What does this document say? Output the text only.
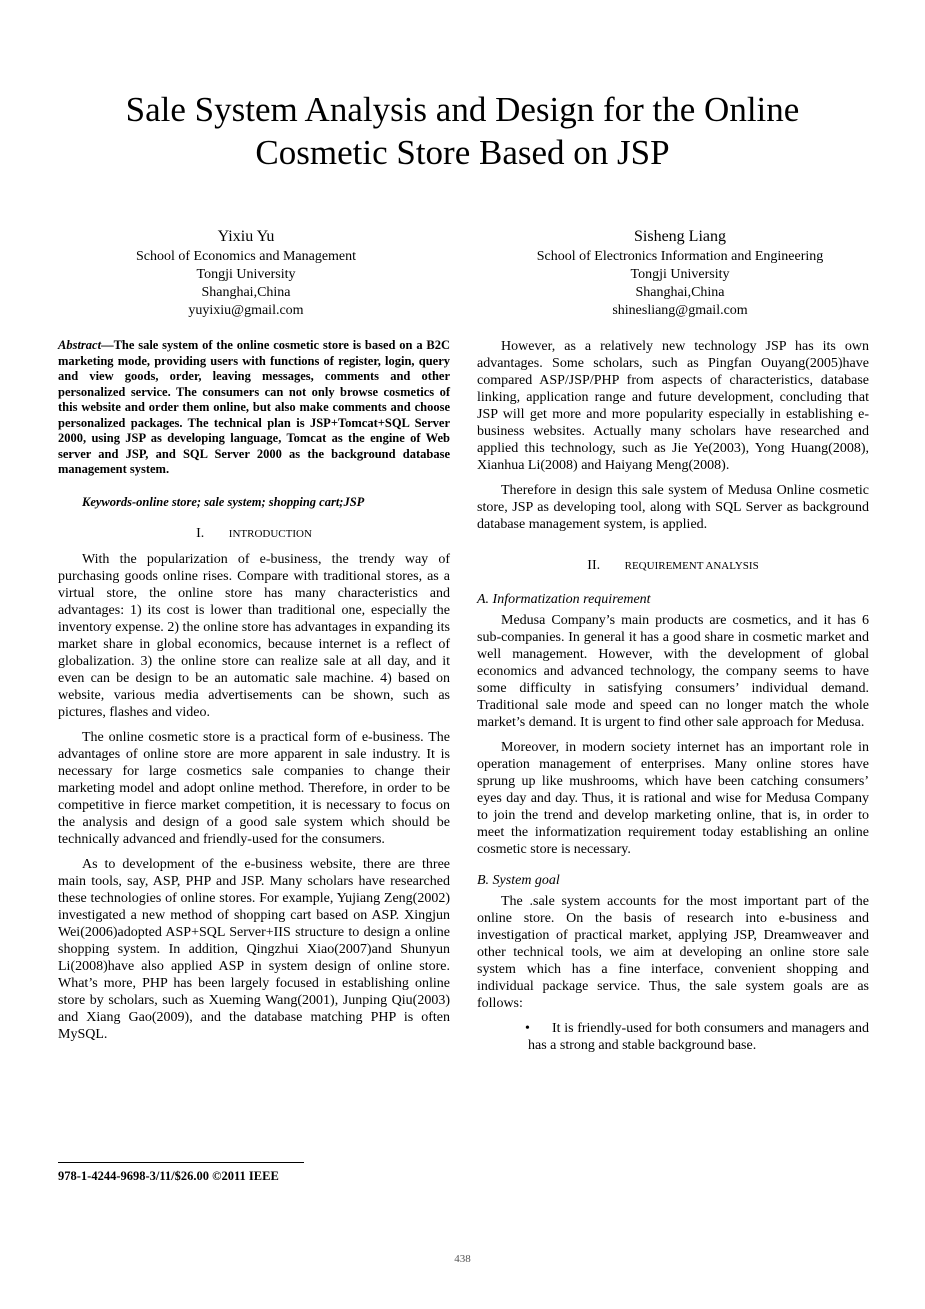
Sale System Analysis and Design for the Online
Cosmetic Store Based on JSP
Yixiu Yu
School of Economics and Management
Tongji University
Shanghai,China
yuyixiu@gmail.com
Sisheng Liang
School of Electronics Information and Engineering
Tongji University
Shanghai,China
shinesliang@gmail.com

Abstract—The sale system of the online cosmetic store is based on a B2C marketing mode, providing users with functions of register, login, query and view goods, order, leaving messages, comments and other personalized service. The consumers can not only browse cosmetics of this website and order them online, but also make comments and choose personalized packages. The technical plan is JSP+Tomcat+SQL Server 2000, using JSP as developing language, Tomcat as the engine of Web server and JSP, and SQL Server 2000 as the background database management system.

Keywords-online store; sale system; shopping cart;JSP

I. INTRODUCTION

With the popularization of e-business, the trendy way of purchasing goods online rises. Compare with traditional stores, as a virtual store, the online store has many characteristics and advantages: 1) its cost is lower than traditional one, especially the inventory expense. 2) the online store has advantages in expanding its market share in global economics, because internet is a reflect of globalization. 3) the online store can realize sale at all day, and it even can be design to be an automatic sale machine. 4) based on website, various media advertisements can be shown, such as pictures, flashes and video.

The online cosmetic store is a practical form of e-business. The advantages of online store are more apparent in sale industry. It is necessary for large cosmetics sale companies to change their marketing model and adopt online method. Therefore, in order to be competitive in fierce market competition, it is necessary to focus on the analysis and design of a good sale system which should be technically advanced and friendly-used for the consumers.

As to development of the e-business website, there are three main tools, say, ASP, PHP and JSP. Many scholars have researched these technologies of online stores. For example, Yujiang Zeng(2002) investigated a new method of shopping cart based on ASP. Xingjun Wei(2006)adopted ASP+SQL Server+IIS structure to design a online shopping system. In addition, Qingzhui Xiao(2007)and Shunyun Li(2008)have also applied ASP in system design of online store. What’s more, PHP has been largely focused in establishing online store by scholars, such as Xueming Wang(2001), Junping Qiu(2003) and Xiang Gao(2009), and the database matching PHP is often MySQL.

However, as a relatively new technology JSP has its own advantages. Some scholars, such as Pingfan Ouyang(2005)have compared ASP/JSP/PHP from aspects of characteristics, database linking, application range and future development, concluding that JSP will get more and more popularity especially in establishing e-business websites. Actually many scholars have researched and applied this technology, such as Jie Ye(2003), Yong Huang(2008), Xianhua Li(2008) and Haiyang Meng(2008).

Therefore in design this sale system of Medusa Online cosmetic store, JSP as developing tool, along with SQL Server as background database management system, is applied.

II. REQUIREMENT ANALYSIS
A. Informatization requirement

Medusa Company’s main products are cosmetics, and it has 6 sub-companies. In general it has a good share in cosmetic market and well management. However, with the development of global economics and advanced technology, the company seems to have some difficulty in satisfying consumers’ individual demand. Traditional sale mode and speed can no longer match the whole market’s demand. It is urgent to find other sale approach for Medusa.

Moreover, in modern society internet has an important role in operation management of enterprises. Many online stores have sprung up like mushrooms, which have been catching consumers’ eyes day and day. Thus, it is rational and wise for Medusa Company to join the trend and develop marketing online, that is, in order to meet the informatization requirement today establishing an online cosmetic store is necessary.

B. System goal

The .sale system accounts for the most important part of the online store. On the basis of research into e-business and investigation of practical market, applying JSP, Dreamweaver and other technical tools, we aim at developing an online store sale system which has a fine interface, convenient shopping and individual package service. Thus, the sale system goals are as follows:

• It is friendly-used for both consumers and managers and has a strong and stable background base.

978-1-4244-9698-3/11/$26.00 ©2011 IEEE
438
